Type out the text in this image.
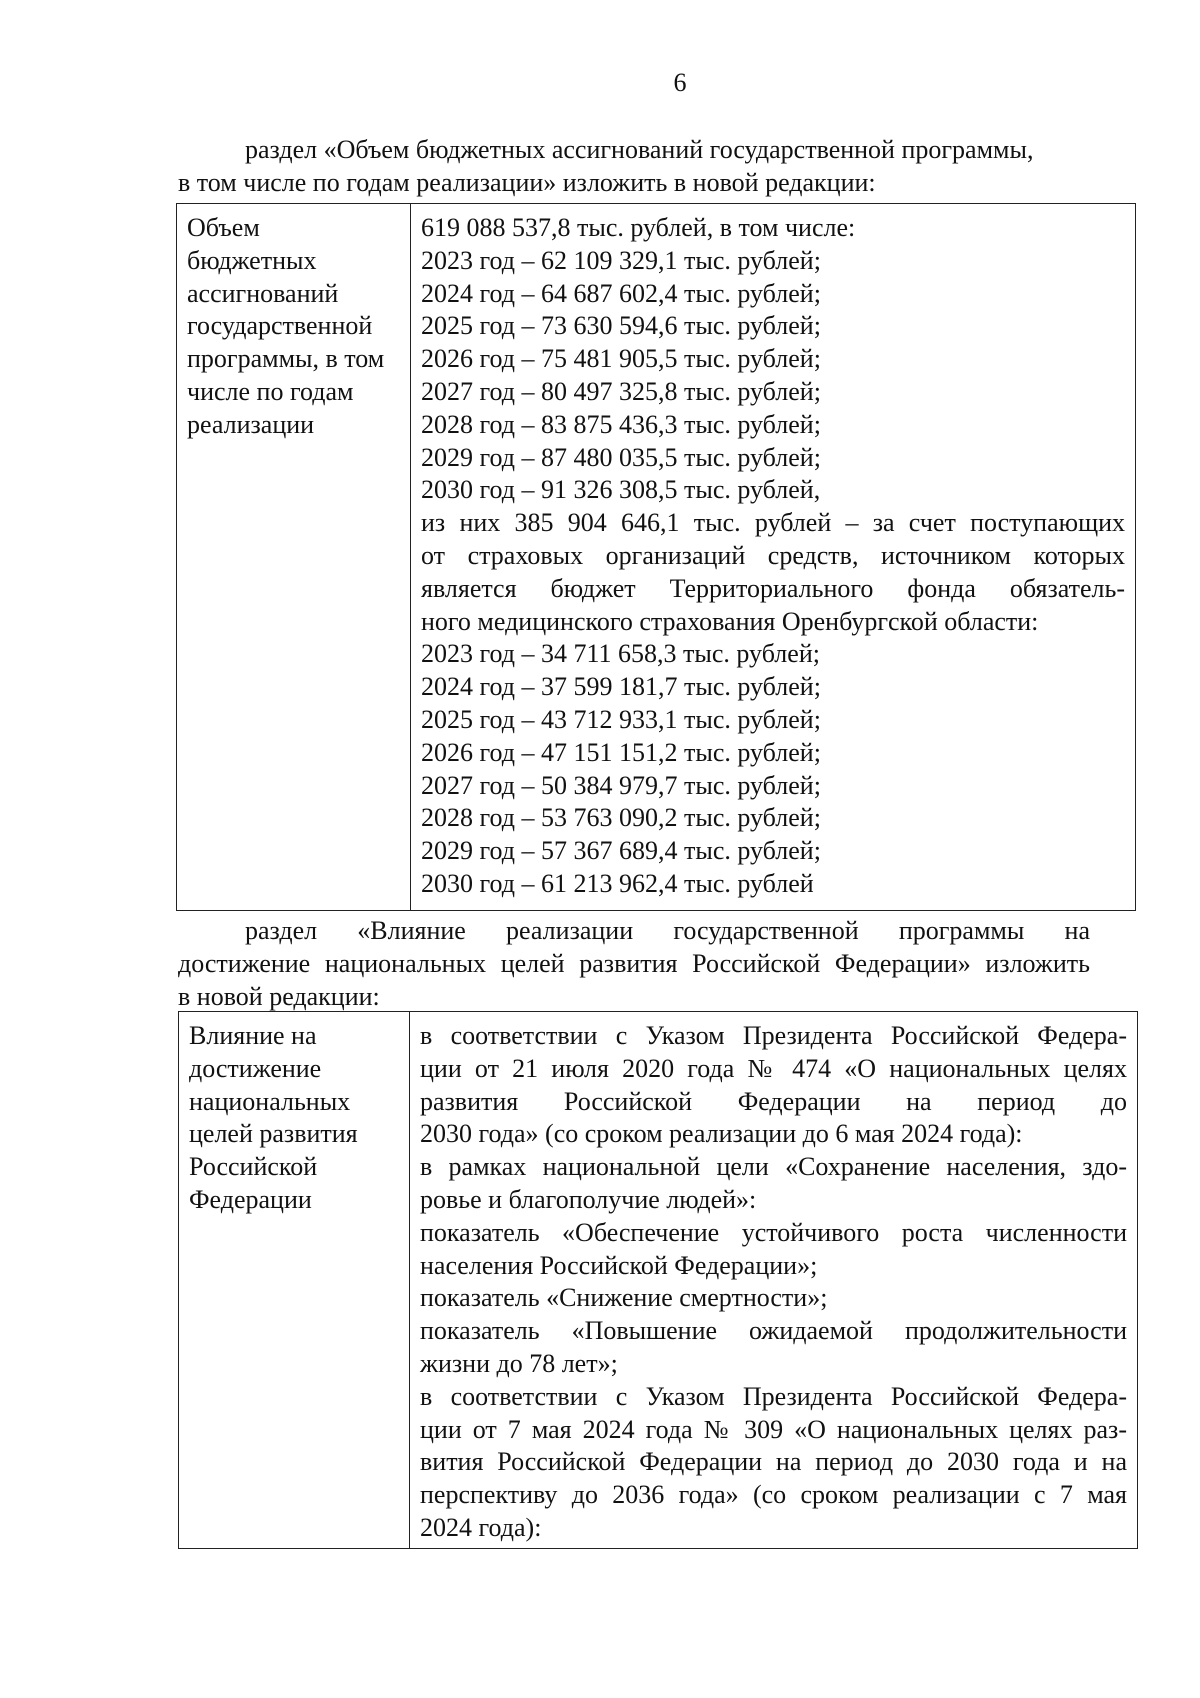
6
раздел «Объем бюджетных ассигнований государственной программы,
в том числе по годам реализации» изложить в новой редакции:
Объем
бюджетных
ассигнований
государственной
программы, в том
числе по годам
реализации

619 088 537,8 тыс. рублей, в том числе:
2023 год – 62 109 329,1 тыс. рублей;
2024 год – 64 687 602,4 тыс. рублей;
2025 год – 73 630 594,6 тыс. рублей;
2026 год – 75 481 905,5 тыс. рублей;
2027 год – 80 497 325,8 тыс. рублей;
2028 год – 83 875 436,3 тыс. рублей;
2029 год – 87 480 035,5 тыс. рублей;
2030 год – 91 326 308,5 тыс. рублей,
из них 385 904 646,1 тыс. рублей – за счет поступающих
от страховых организаций средств, источником которых
является бюджет Территориального фонда обязатель-
ного медицинского страхования Оренбургской области:
2023 год – 34 711 658,3 тыс. рублей;
2024 год – 37 599 181,7 тыс. рублей;
2025 год – 43 712 933,1 тыс. рублей;
2026 год – 47 151 151,2 тыс. рублей;
2027 год – 50 384 979,7 тыс. рублей;
2028 год – 53 763 090,2 тыс. рублей;
2029 год – 57 367 689,4 тыс. рублей;
2030 год – 61 213 962,4 тыс. рублей
раздел «Влияние реализации государственной программы на
достижение национальных целей развития Российской Федерации» изложить
в новой редакции:
Влияние на
достижение
национальных
целей развития
Российской
Федерации

в соответствии с Указом Президента Российской Федера-
ции от 21 июля 2020 года № 474 «О национальных целях
развития Российской Федерации на период до
2030 года» (со сроком реализации до 6 мая 2024 года):
в рамках национальной цели «Сохранение населения, здо-
ровье и благополучие людей»:
показатель «Обеспечение устойчивого роста численности
населения Российской Федерации»;
показатель «Снижение смертности»;
показатель «Повышение ожидаемой продолжительности
жизни до 78 лет»;
в соответствии с Указом Президента Российской Федера-
ции от 7 мая 2024 года № 309 «О национальных целях раз-
вития Российской Федерации на период до 2030 года и на
перспективу до 2036 года» (со сроком реализации с 7 мая
2024 года):
